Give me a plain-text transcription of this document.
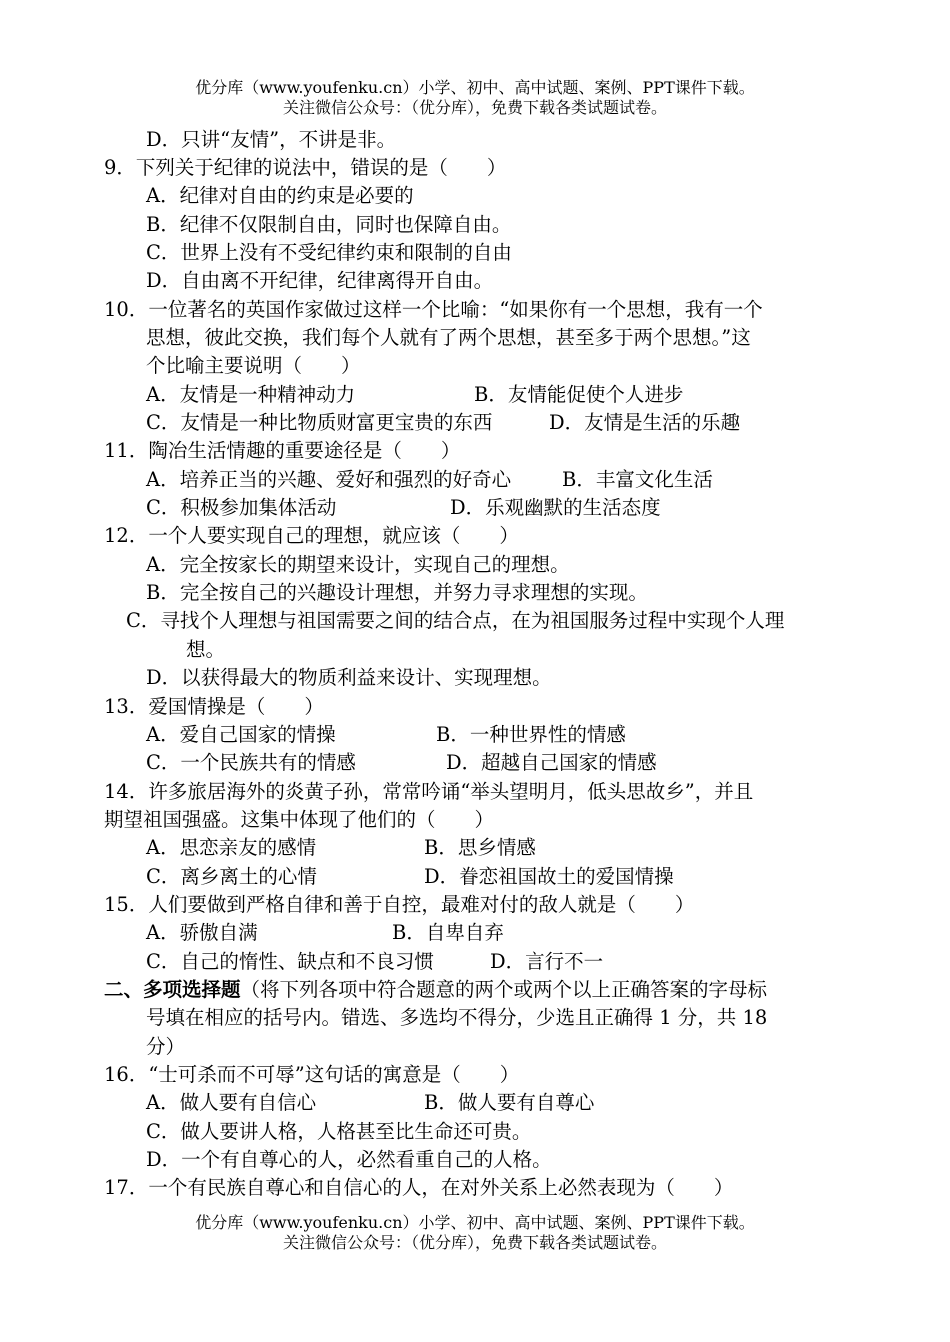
优分库（www.youfenku.cn）小学、初中、高中试题、案例、PPT课件下载。
关注微信公众号：（优分库），免费下载各类试题试卷。
D．只讲“友情”，不讲是非。
9．下列关于纪律的说法中，错误的是（　　）
A．纪律对自由的约束是必要的
B．纪律不仅限制自由，同时也保障自由。
C．世界上没有不受纪律约束和限制的自由
D．自由离不开纪律，纪律离得开自由。
10．一位著名的英国作家做过这样一个比喻：“如果你有一个思想，我有一个
思想，彼此交换，我们每个人就有了两个思想，甚至多于两个思想。”这
个比喻主要说明（　　）
A．友情是一种精神动力	B．友情能促使个人进步
C．友情是一种比物质财富更宝贵的东西	D．友情是生活的乐趣
11．陶冶生活情趣的重要途径是（　　）
A．培养正当的兴趣、爱好和强烈的好奇心	B．丰富文化生活
C．积极参加集体活动	D．乐观幽默的生活态度
12．一个人要实现自己的理想，就应该（　　）
A．完全按家长的期望来设计，实现自己的理想。
B．完全按自己的兴趣设计理想，并努力寻求理想的实现。
C．寻找个人理想与祖国需要之间的结合点，在为祖国服务过程中实现个人理
想。
D．以获得最大的物质利益来设计、实现理想。
13．爱国情操是（　　）
A．爱自己国家的情操	B．一种世界性的情感
C．一个民族共有的情感	D．超越自己国家的情感
14．许多旅居海外的炎黄子孙，常常吟诵“举头望明月，低头思故乡”，并且
期望祖国强盛。这集中体现了他们的（　　）
A．思恋亲友的感情	B．思乡情感
C．离乡离土的心情	D．眷恋祖国故土的爱国情操
15．人们要做到严格自律和善于自控，最难对付的敌人就是（　　）
A．骄傲自满	B．自卑自弃
C．自己的惰性、缺点和不良习惯	D．言行不一
二、多项选择题（将下列各项中符合题意的两个或两个以上正确答案的字母标
号填在相应的括号内。错选、多选均不得分，少选且正确得 1 分，共 18
分）
16．“士可杀而不可辱”这句话的寓意是（　　）
A．做人要有自信心	B．做人要有自尊心
C．做人要讲人格，人格甚至比生命还可贵。
D．一个有自尊心的人，必然看重自己的人格。
17．一个有民族自尊心和自信心的人，在对外关系上必然表现为（　　）
优分库（www.youfenku.cn）小学、初中、高中试题、案例、PPT课件下载。
关注微信公众号：（优分库），免费下载各类试题试卷。
